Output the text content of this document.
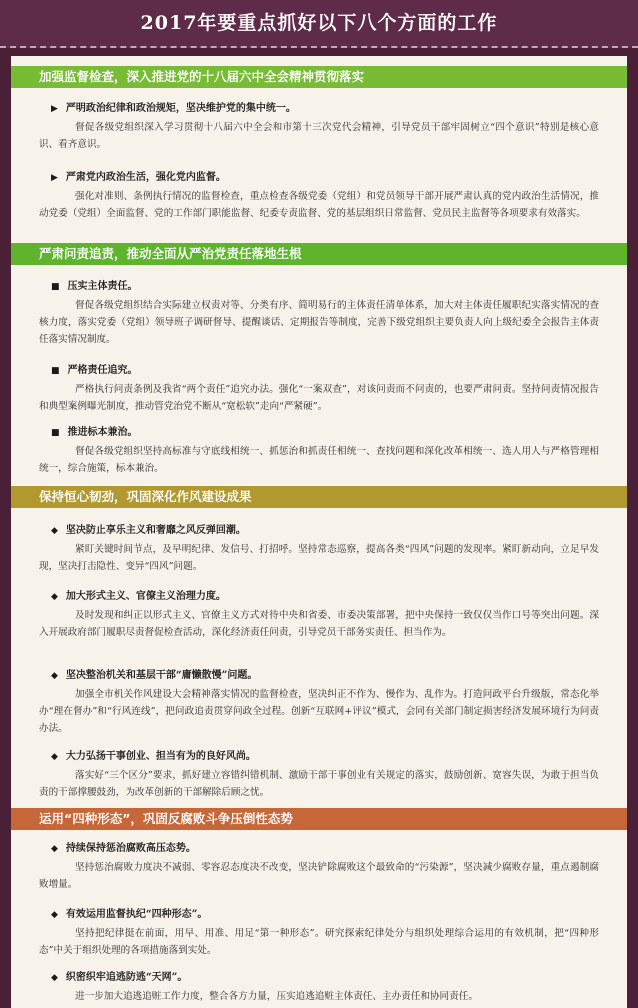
2017年要重点抓好以下八个方面的工作
加强监督检查，深入推进党的十八届六中全会精神贯彻落实
▶ 严明政治纪律和政治规矩，坚决维护党的集中统一。
督促各级党组织深入学习贯彻十八届六中全会和市第十三次党代会精神，引导党员干部牢固树立“四个意识”特别是核心意识、看齐意识。
▶ 严肃党内政治生活，强化党内监督。
强化对准则、条例执行情况的监督检查，重点检查各级党委（党组）和党员领导干部开展严肃认真的党内政治生活情况，推动党委（党组）全面监督、党的工作部门职能监督、纪委专责监督、党的基层组织日常监督、党员民主监督等各项要求有效落实。
严肃问责追责，推动全面从严治党责任落地生根
■ 压实主体责任。
督促各级党组织结合实际建立权责对等、分类有序、简明易行的主体责任清单体系，加大对主体责任履职纪实落实情况的查核力度，落实党委（党组）领导班子调研督导、提醒谈话、定期报告等制度，完善下级党组织主要负责人向上级纪委全会报告主体责任落实情况制度。
■ 严格责任追究。
严格执行问责条例及我省“两个责任”追究办法。强化“一案双查”，对该问责而不问责的，也要严肃问责。坚持问责情况报告和典型案例曝光制度，推动管党治党不断从“宽松软”走向“严紧硬”。
■ 推进标本兼治。
督促各级党组织坚持高标准与守底线相统一、抓惩治和抓责任相统一、查找问题和深化改革相统一、选人用人与严格管理相统一，综合施策，标本兼治。
保持恒心韧劲，巩固深化作风建设成果
◆ 坚决防止享乐主义和奢靡之风反弹回潮。
紧盯关键时间节点，及早明纪律、发信号、打招呼。坚持常态巡察，提高各类“四风”问题的发现率。紧盯新动向，立足早发现，坚决打击隐性、变异“四风”问题。
◆ 加大形式主义、官僚主义治理力度。
及时发现和纠正以形式主义、官僚主义方式对待中央和省委、市委决策部署，把中央保持一致仅仅当作口号等突出问题。深入开展政府部门履职尽责督促检查活动，深化经济责任问责，引导党员干部务实责任、担当作为。
◆ 坚决整治机关和基层干部“庸懒散慢”问题。
加强全市机关作风建设大会精神落实情况的监督检查，坚决纠正不作为、慢作为、乱作为。打造问政平台升级版，常态化举办“理在督办”和“行风连线”，把问政追责贯穿问政全过程。创新“互联网+评议”模式，会同有关部门制定损害经济发展环境行为问责办法。
◆ 大力弘扬干事创业、担当有为的良好风尚。
落实好“三个区分”要求，抓好建立容错纠错机制、激励干部干事创业有关规定的落实，鼓励创新、宽容失误，为敢于担当负责的干部撑腰鼓劲，为改革创新的干部解除后顾之忧。
运用“四种形态”，巩固反腐败斗争压倒性态势
◆ 持续保持惩治腐败高压态势。
坚持惩治腐败力度决不减弱、零容忍态度决不改变，坚决铲除腐败这个最致命的“污染源”，坚决减少腐败存量，重点遏制腐败增量。
◆ 有效运用监督执纪“四种形态”。
坚持把纪律挺在前面，用早、用准、用足“第一种形态”。研究探索纪律处分与组织处理综合运用的有效机制，把“四种形态”中关于组织处理的各项措施落到实处。
◆ 织密织牢追逃防逃“天网”。
进一步加大追逃追赃工作力度，整合各方力量，压实追逃追赃主体责任、主办责任和协同责任。
